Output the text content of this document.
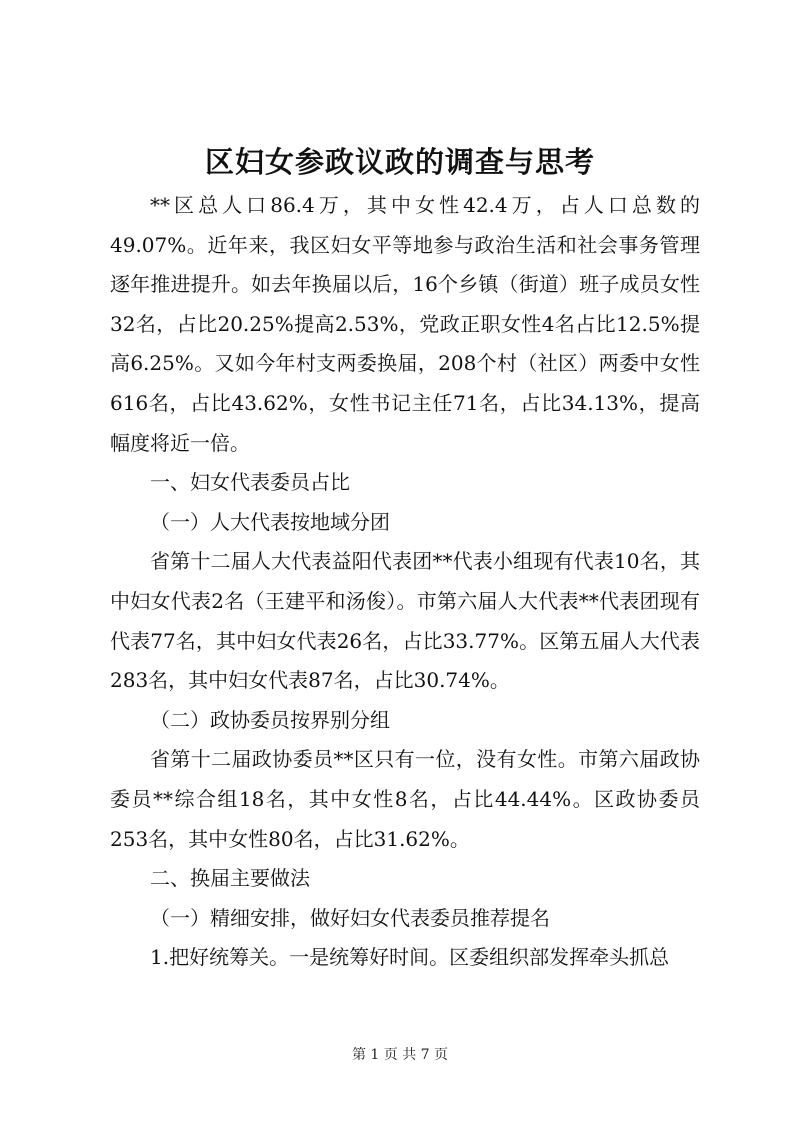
区妇女参政议政的调查与思考

**区总人口86.4万，其中女性42.4万，占人口总数的49.07%。近年来，我区妇女平等地参与政治生活和社会事务管理逐年推进提升。如去年换届以后，16个乡镇（街道）班子成员女性32名，占比20.25%提高2.53%，党政正职女性4名占比12.5%提高6.25%。又如今年村支两委换届，208个村（社区）两委中女性616名，占比43.62%，女性书记主任71名，占比34.13%，提高幅度将近一倍。

一、妇女代表委员占比

（一）人大代表按地域分团

省第十二届人大代表益阳代表团**代表小组现有代表10名，其中妇女代表2名（王建平和汤俊）。市第六届人大代表**代表团现有代表77名，其中妇女代表26名，占比33.77%。区第五届人大代表283名，其中妇女代表87名，占比30.74%。

（二）政协委员按界别分组

省第十二届政协委员**区只有一位，没有女性。市第六届政协委员**综合组18名，其中女性8名，占比44.44%。区政协委员253名，其中女性80名，占比31.62%。

二、换届主要做法

（一）精细安排，做好妇女代表委员推荐提名

1.把好统筹关。一是统筹好时间。区委组织部发挥牵头抓总

第 1 页 共 7 页
